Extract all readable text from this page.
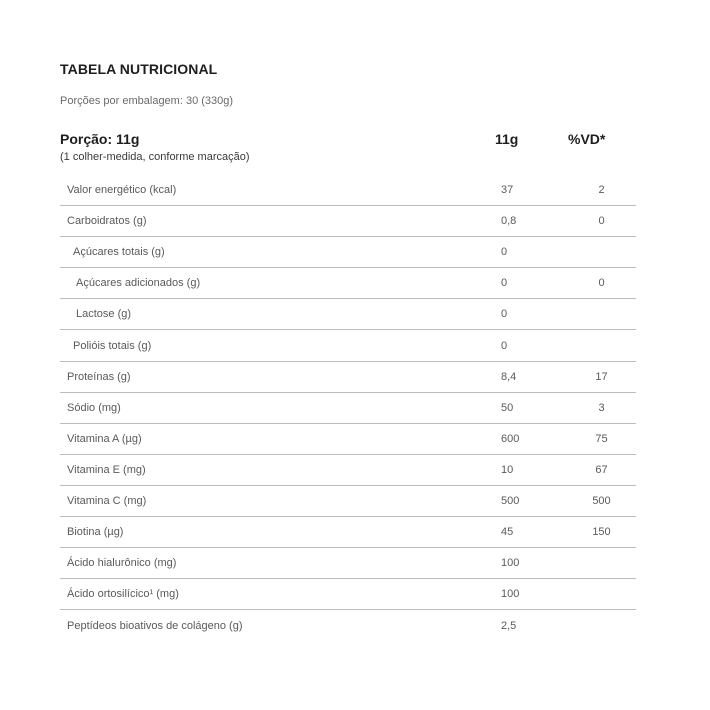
TABELA NUTRICIONAL
Porções por embalagem: 30 (330g)
Porção: 11g
(1 colher-medida, conforme marcação)
11g	%VD*
Valor energético (kcal)	37	2
Carboidratos (g)	0,8	0
Açúcares totais (g)	0
Açúcares adicionados (g)	0	0
Lactose (g)	0
Polióis totais (g)	0
Proteínas (g)	8,4	17
Sódio (mg)	50	3
Vitamina A (µg)	600	75
Vitamina E (mg)	10	67
Vitamina C (mg)	500	500
Biotina (µg)	45	150
Ácido hialurônico (mg)	100
Ácido ortosilícico¹ (mg)	100
Peptídeos bioativos de colágeno (g)	2,5
